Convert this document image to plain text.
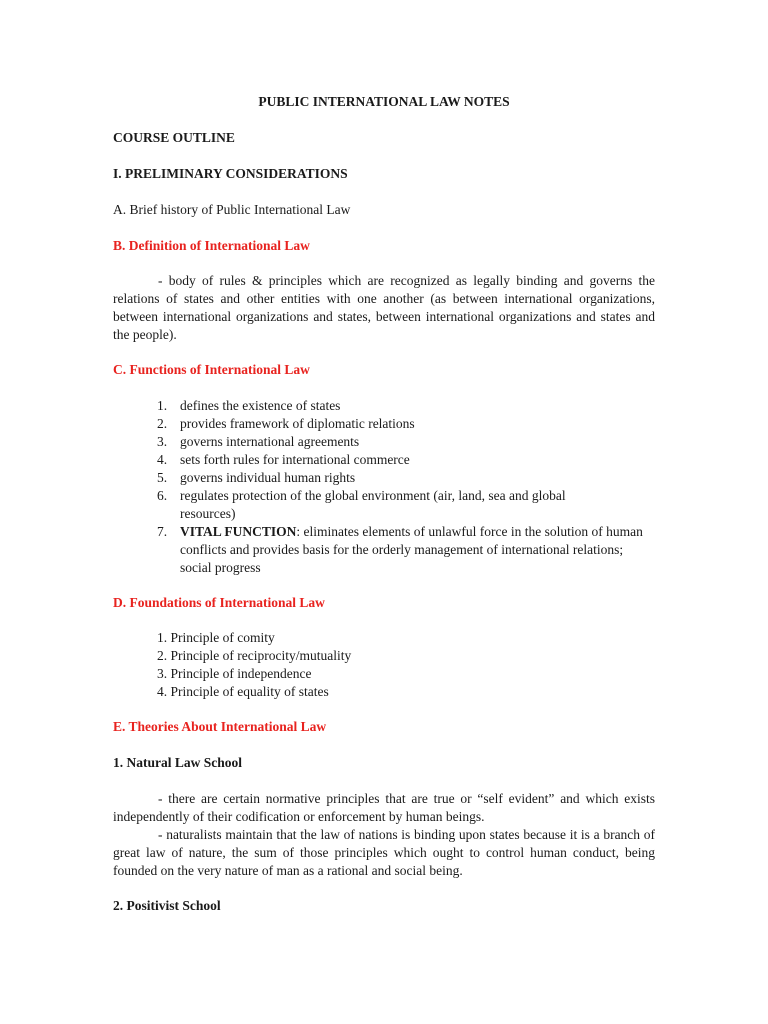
PUBLIC INTERNATIONAL LAW NOTES
COURSE OUTLINE
I. PRELIMINARY CONSIDERATIONS
A. Brief history of Public International Law
B. Definition of International Law
- body of rules & principles which are recognized as legally binding and governs the relations of states and other entities with one another (as between international organizations, between international organizations and states, between international organizations and states and the people).
C. Functions of International Law
1. defines the existence of states
2. provides framework of diplomatic relations
3. governs international agreements
4. sets forth rules for international commerce
5. governs individual human rights
6. regulates protection of the global environment (air, land, sea and global resources)
7. VITAL FUNCTION: eliminates elements of unlawful force in the solution of human conflicts and provides basis for the orderly management of international relations; social progress
D. Foundations of International Law
1. Principle of comity
2. Principle of reciprocity/mutuality
3. Principle of independence
4. Principle of equality of states
E. Theories About International Law
1. Natural Law School
- there are certain normative principles that are true or “self evident” and which exists independently of their codification or enforcement by human beings.
- naturalists maintain that the law of nations is binding upon states because it is a branch of great law of nature, the sum of those principles which ought to control human conduct, being founded on the very nature of man as a rational and social being.
2. Positivist School
